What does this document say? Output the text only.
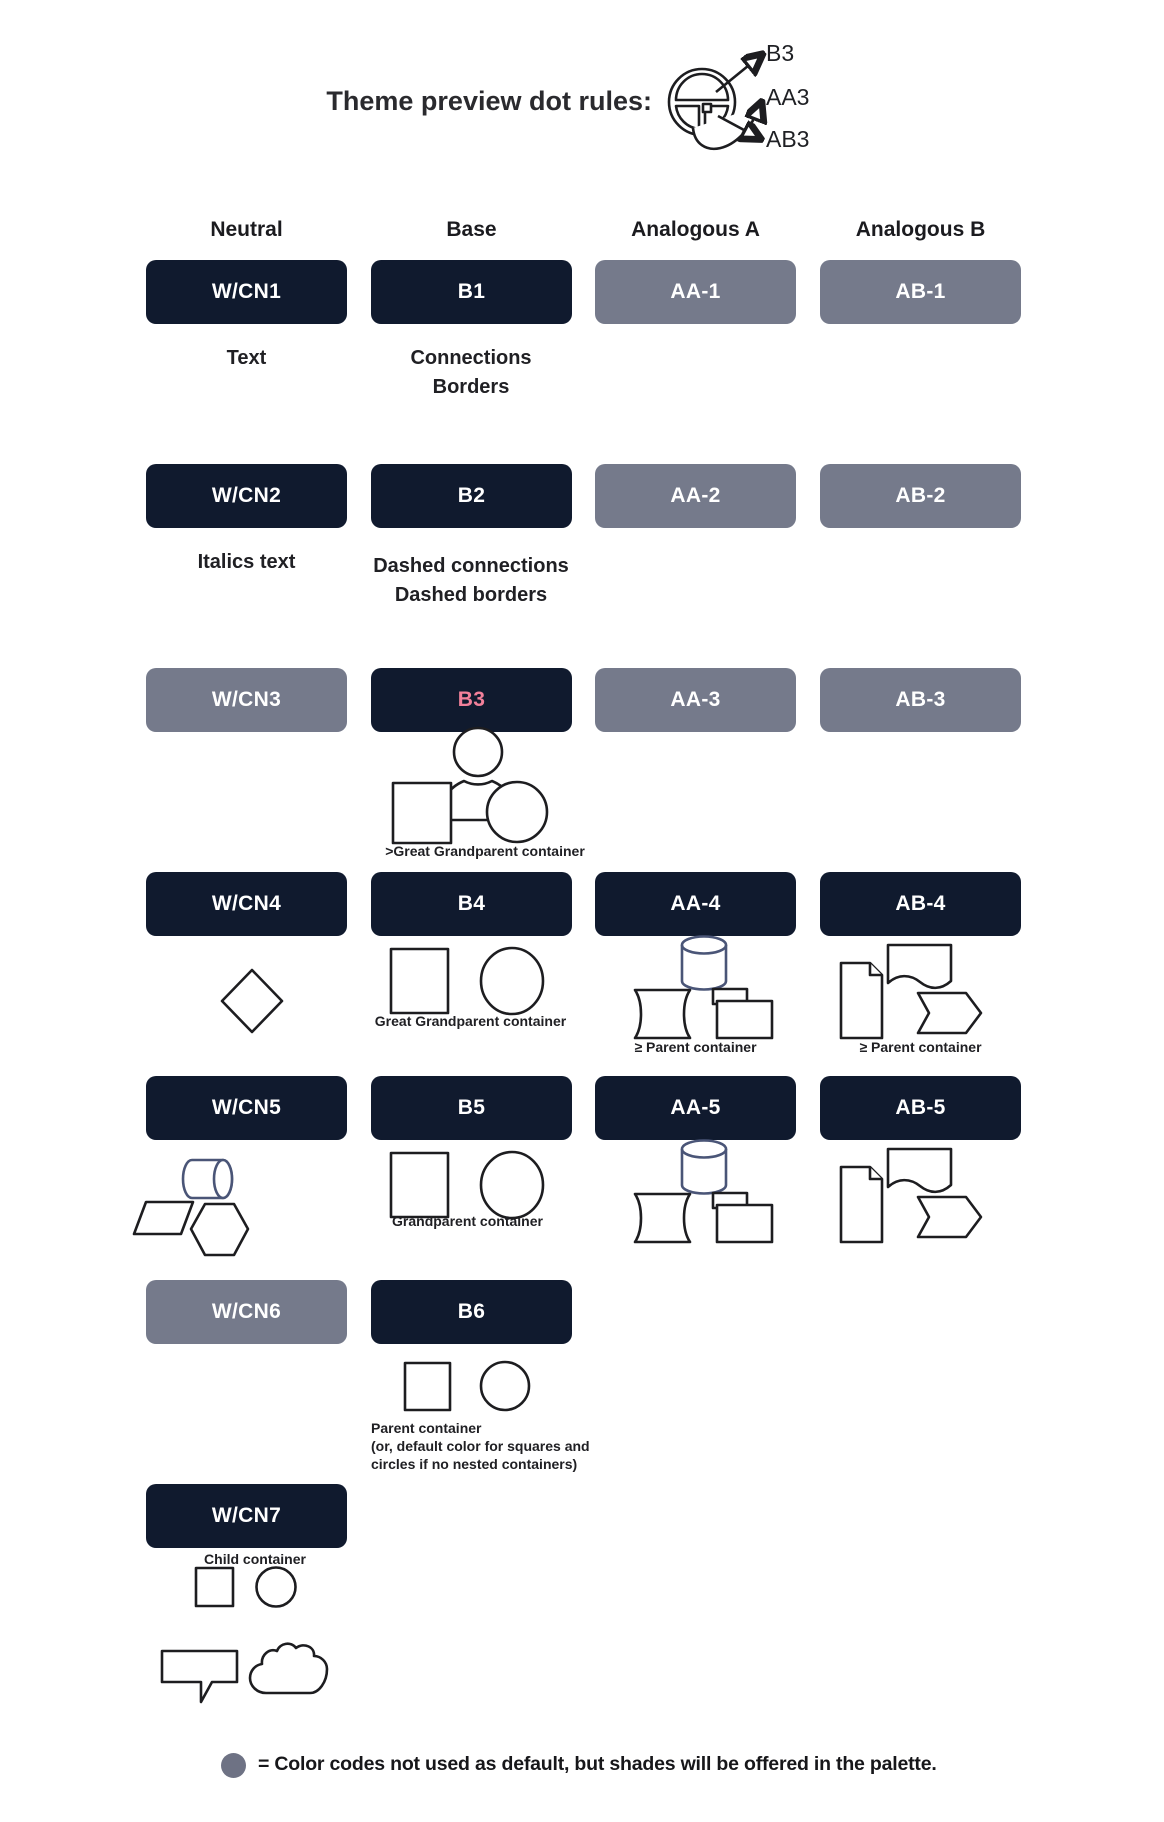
Theme preview dot rules:
B3
AA3
AB3
Neutral	Base	Analogous A	Analogous B
W/CN1	B1	AA-1	AB-1
Text	Connections
Borders
W/CN2	B2	AA-2	AB-2
Italics text	Dashed connections
Dashed borders
W/CN3	B3	AA-3	AB-3
>Great Grandparent container
W/CN4	B4	AA-4	AB-4
Great Grandparent container
≥ Parent container	≥ Parent container
W/CN5	B5	AA-5	AB-5
Grandparent container
W/CN6	B6
Parent container
(or, default color for squares and
circles if no nested containers)
W/CN7
Child container
= Color codes not used as default, but shades will be offered in the palette.
